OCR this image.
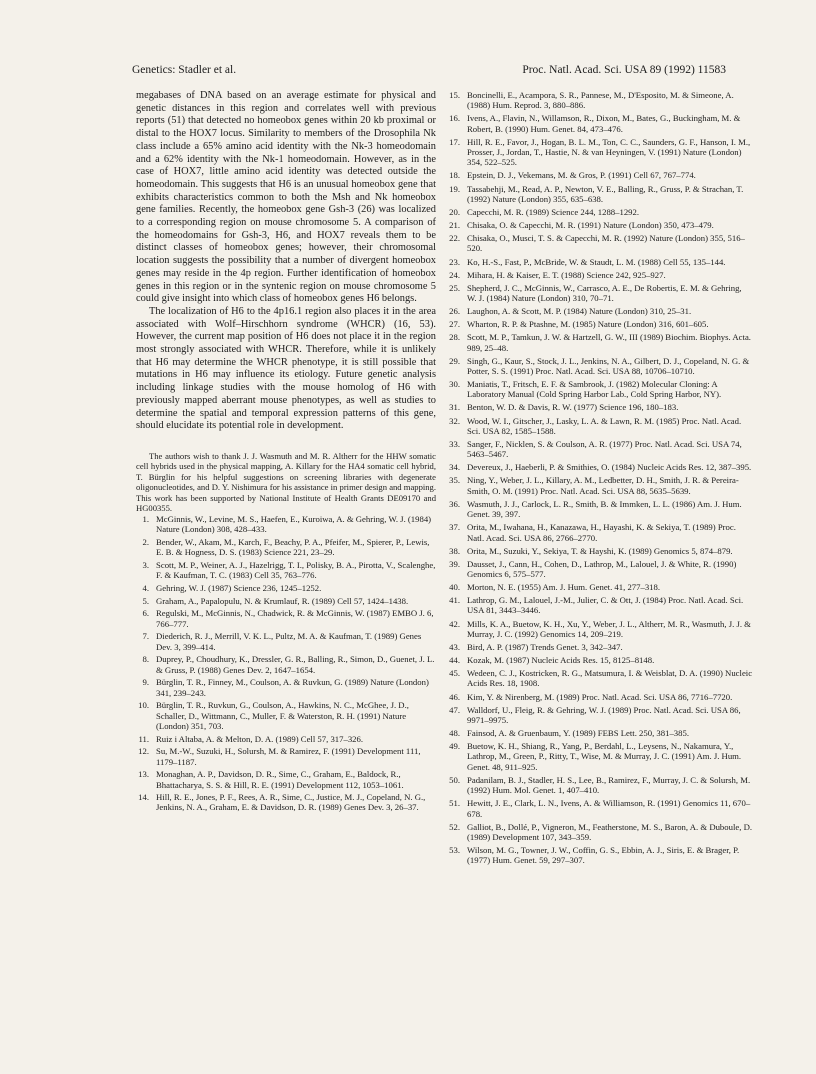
Genetics: Stadler et al.	Proc. Natl. Acad. Sci. USA 89 (1992) 11583

megabases of DNA based on an average estimate for physical and genetic distances in this region and correlates well with previous reports (51) that detected no homeobox genes within 20 kb proximal or distal to the HOX7 locus. Similarity to members of the Drosophila Nk class include a 65% amino acid identity with the Nk-3 homeodomain and a 62% identity with the Nk-1 homeodomain. However, as in the case of HOX7, little amino acid identity was detected outside the homeodomain. This suggests that H6 is an unusual homeobox gene that exhibits characteristics common to both the Msh and Nk homeobox gene families. Recently, the homeobox gene Gsh-3 (26) was localized to a corresponding region on mouse chromosome 5. A comparison of the homeodomains for Gsh-3, H6, and HOX7 reveals them to be distinct classes of homeobox genes; however, their chromosomal location suggests the possibility that a number of divergent homeobox genes may reside in the 4p region. Further identification of homeobox genes in this region or in the syntenic region on mouse chromosome 5 could give insight into which class of homeobox genes H6 belongs.

The localization of H6 to the 4p16.1 region also places it in the area associated with Wolf–Hirschhorn syndrome (WHCR) (16, 53). However, the current map position of H6 does not place it in the region most strongly associated with WHCR. Therefore, while it is unlikely that H6 may determine the WHCR phenotype, it is still possible that mutations in H6 may influence its etiology. Future genetic analysis including linkage studies with the mouse homolog of H6 with previously mapped aberrant mouse phenotypes, as well as studies to determine the spatial and temporal expression patterns of this gene, should elucidate its potential role in development.

The authors wish to thank J. J. Wasmuth and M. R. Altherr for the HHW somatic cell hybrids used in the physical mapping, A. Killary for the HA4 somatic cell hybrid, T. Bürglin for his helpful suggestions on screening libraries with degenerate oligonucleotides, and D. Y. Nishimura for his assistance in primer design and mapping. This work has been supported by National Institute of Health Grants DE09170 and HG00355.

1. McGinnis, W., Levine, M. S., Haefen, E., Kuroiwa, A. & Gehring, W. J. (1984) Nature (London) 308, 428–433.
2. Bender, W., Akam, M., Karch, F., Beachy, P. A., Pfeifer, M., Spierer, P., Lewis, E. B. & Hogness, D. S. (1983) Science 221, 23–29.
3. Scott, M. P., Weiner, A. J., Hazelrigg, T. I., Polisky, B. A., Pirotta, V., Scalenghe, F. & Kaufman, T. C. (1983) Cell 35, 763–776.
4. Gehring, W. J. (1987) Science 236, 1245–1252.
5. Graham, A., Papalopulu, N. & Krumlauf, R. (1989) Cell 57, 1424–1438.
6. Regulski, M., McGinnis, N., Chadwick, R. & McGinnis, W. (1987) EMBO J. 6, 766–777.
7. Diederich, R. J., Merrill, V. K. L., Pultz, M. A. & Kaufman, T. (1989) Genes Dev. 3, 399–414.
8. Duprey, P., Choudhury, K., Dressler, G. R., Balling, R., Simon, D., Guenet, J. L. & Gruss, P. (1988) Genes Dev. 2, 1647–1654.
9. Bürglin, T. R., Finney, M., Coulson, A. & Ruvkun, G. (1989) Nature (London) 341, 239–243.
10. Bürglin, T. R., Ruvkun, G., Coulson, A., Hawkins, N. C., McGhee, J. D., Schaller, D., Wittmann, C., Muller, F. & Waterston, R. H. (1991) Nature (London) 351, 703.
11. Ruiz i Altaba, A. & Melton, D. A. (1989) Cell 57, 317–326.
12. Su, M.-W., Suzuki, H., Solursh, M. & Ramirez, F. (1991) Development 111, 1179–1187.
13. Monaghan, A. P., Davidson, D. R., Sime, C., Graham, E., Baldock, R., Bhattacharya, S. S. & Hill, R. E. (1991) Development 112, 1053–1061.
14. Hill, R. E., Jones, P. F., Rees, A. R., Sime, C., Justice, M. J., Copeland, N. G., Jenkins, N. A., Graham, E. & Davidson, D. R. (1989) Genes Dev. 3, 26–37.
15. Boncinelli, E., Acampora, S. R., Pannese, M., D'Esposito, M. & Simeone, A. (1988) Hum. Reprod. 3, 880–886.
16. Ivens, A., Flavin, N., Willamson, R., Dixon, M., Bates, G., Buckingham, M. & Robert, B. (1990) Hum. Genet. 84, 473–476.
17. Hill, R. E., Favor, J., Hogan, B. L. M., Ton, C. C., Saunders, G. F., Hanson, I. M., Prosser, J., Jordan, T., Hastie, N. & van Heyningen, V. (1991) Nature (London) 354, 522–525.
18. Epstein, D. J., Vekemans, M. & Gros, P. (1991) Cell 67, 767–774.
19. Tassabehji, M., Read, A. P., Newton, V. E., Balling, R., Gruss, P. & Strachan, T. (1992) Nature (London) 355, 635–638.
20. Capecchi, M. R. (1989) Science 244, 1288–1292.
21. Chisaka, O. & Capecchi, M. R. (1991) Nature (London) 350, 473–479.
22. Chisaka, O., Musci, T. S. & Capecchi, M. R. (1992) Nature (London) 355, 516–520.
23. Ko, H.-S., Fast, P., McBride, W. & Staudt, L. M. (1988) Cell 55, 135–144.
24. Mihara, H. & Kaiser, E. T. (1988) Science 242, 925–927.
25. Shepherd, J. C., McGinnis, W., Carrasco, A. E., De Robertis, E. M. & Gehring, W. J. (1984) Nature (London) 310, 70–71.
26. Laughon, A. & Scott, M. P. (1984) Nature (London) 310, 25–31.
27. Wharton, R. P. & Ptashne, M. (1985) Nature (London) 316, 601–605.
28. Scott, M. P., Tamkun, J. W. & Hartzell, G. W., III (1989) Biochim. Biophys. Acta. 989, 25–48.
29. Singh, G., Kaur, S., Stock, J. L., Jenkins, N. A., Gilbert, D. J., Copeland, N. G. & Potter, S. S. (1991) Proc. Natl. Acad. Sci. USA 88, 10706–10710.
30. Maniatis, T., Fritsch, E. F. & Sambrook, J. (1982) Molecular Cloning: A Laboratory Manual (Cold Spring Harbor Lab., Cold Spring Harbor, NY).
31. Benton, W. D. & Davis, R. W. (1977) Science 196, 180–183.
32. Wood, W. I., Gitscher, J., Lasky, L. A. & Lawn, R. M. (1985) Proc. Natl. Acad. Sci. USA 82, 1585–1588.
33. Sanger, F., Nicklen, S. & Coulson, A. R. (1977) Proc. Natl. Acad. Sci. USA 74, 5463–5467.
34. Devereux, J., Haeberli, P. & Smithies, O. (1984) Nucleic Acids Res. 12, 387–395.
35. Ning, Y., Weber, J. L., Killary, A. M., Ledbetter, D. H., Smith, J. R. & Pereira-Smith, O. M. (1991) Proc. Natl. Acad. Sci. USA 88, 5635–5639.
36. Wasmuth, J. J., Carlock, L. R., Smith, B. & Immken, L. L. (1986) Am. J. Hum. Genet. 39, 397.
37. Orita, M., Iwahana, H., Kanazawa, H., Hayashi, K. & Sekiya, T. (1989) Proc. Natl. Acad. Sci. USA 86, 2766–2770.
38. Orita, M., Suzuki, Y., Sekiya, T. & Hayshi, K. (1989) Genomics 5, 874–879.
39. Dausset, J., Cann, H., Cohen, D., Lathrop, M., Lalouel, J. & White, R. (1990) Genomics 6, 575–577.
40. Morton, N. E. (1955) Am. J. Hum. Genet. 41, 277–318.
41. Lathrop, G. M., Lalouel, J.-M., Julier, C. & Ott, J. (1984) Proc. Natl. Acad. Sci. USA 81, 3443–3446.
42. Mills, K. A., Buetow, K. H., Xu, Y., Weber, J. L., Altherr, M. R., Wasmuth, J. J. & Murray, J. C. (1992) Genomics 14, 209–219.
43. Bird, A. P. (1987) Trends Genet. 3, 342–347.
44. Kozak, M. (1987) Nucleic Acids Res. 15, 8125–8148.
45. Wedeen, C. J., Kostricken, R. G., Matsumura, I. & Weisblat, D. A. (1990) Nucleic Acids Res. 18, 1908.
46. Kim, Y. & Nirenberg, M. (1989) Proc. Natl. Acad. Sci. USA 86, 7716–7720.
47. Walldorf, U., Fleig, R. & Gehring, W. J. (1989) Proc. Natl. Acad. Sci. USA 86, 9971–9975.
48. Fainsod, A. & Gruenbaum, Y. (1989) FEBS Lett. 250, 381–385.
49. Buetow, K. H., Shiang, R., Yang, P., Berdahl, L., Leysens, N., Nakamura, Y., Lathrop, M., Green, P., Ritty, T., Wise, M. & Murray, J. C. (1991) Am. J. Hum. Genet. 48, 911–925.
50. Padanilam, B. J., Stadler, H. S., Lee, B., Ramirez, F., Murray, J. C. & Solursh, M. (1992) Hum. Mol. Genet. 1, 407–410.
51. Hewitt, J. E., Clark, L. N., Ivens, A. & Williamson, R. (1991) Genomics 11, 670–678.
52. Galliot, B., Dollé, P., Vigneron, M., Featherstone, M. S., Baron, A. & Duboule, D. (1989) Development 107, 343–359.
53. Wilson, M. G., Towner, J. W., Coffin, G. S., Ebbin, A. J., Siris, E. & Brager, P. (1977) Hum. Genet. 59, 297–307.
